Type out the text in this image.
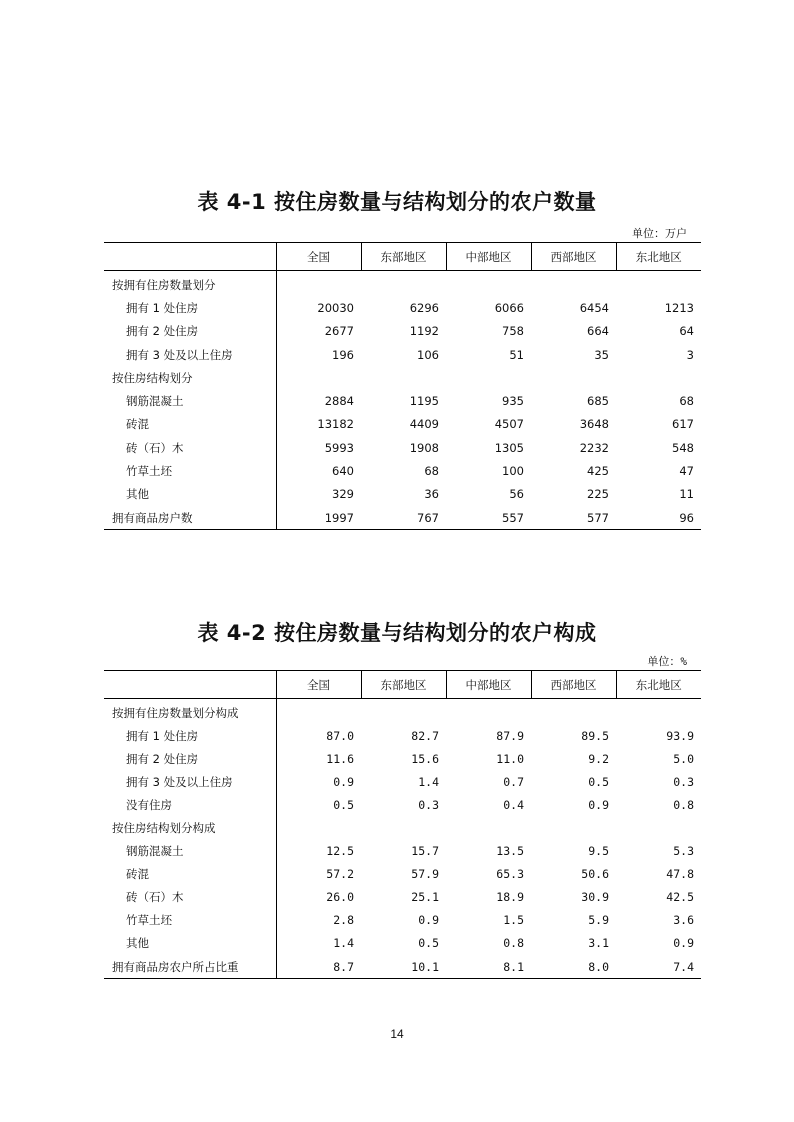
表 4-1 按住房数量与结构划分的农户数量
单位：万户
	全国	东部地区	中部地区	西部地区	东北地区
按拥有住房数量划分					
拥有 1 处住房	20030	6296	6066	6454	1213
拥有 2 处住房	2677	1192	758	664	64
拥有 3 处及以上住房	196	106	51	35	3
按住房结构划分					
钢筋混凝土	2884	1195	935	685	68
砖混	13182	4409	4507	3648	617
砖（石）木	5993	1908	1305	2232	548
竹草土坯	640	68	100	425	47
其他	329	36	56	225	11
拥有商品房户数	1997	767	557	577	96
表 4-2 按住房数量与结构划分的农户构成
单位：%
	全国	东部地区	中部地区	西部地区	东北地区
按拥有住房数量划分构成					
拥有 1 处住房	87.0	82.7	87.9	89.5	93.9
拥有 2 处住房	11.6	15.6	11.0	9.2	5.0
拥有 3 处及以上住房	0.9	1.4	0.7	0.5	0.3
没有住房	0.5	0.3	0.4	0.9	0.8
按住房结构划分构成					
钢筋混凝土	12.5	15.7	13.5	9.5	5.3
砖混	57.2	57.9	65.3	50.6	47.8
砖（石）木	26.0	25.1	18.9	30.9	42.5
竹草土坯	2.8	0.9	1.5	5.9	3.6
其他	1.4	0.5	0.8	3.1	0.9
拥有商品房农户所占比重	8.7	10.1	8.1	8.0	7.4
14
